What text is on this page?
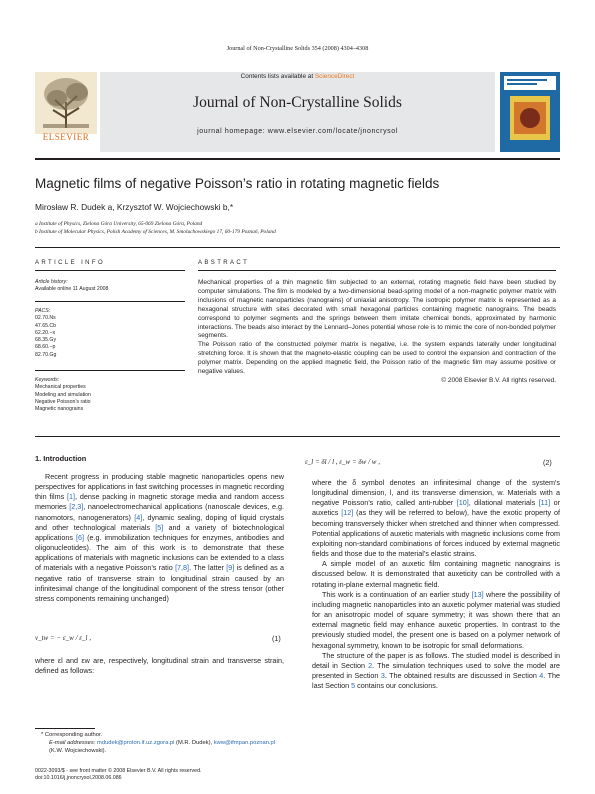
Journal of Non-Crystalline Solids 354 (2008) 4304–4308
ELSEVIER
Contents lists available at ScienceDirect
Journal of Non-Crystalline Solids
journal homepage: www.elsevier.com/locate/jnoncrysol
Magnetic films of negative Poisson’s ratio in rotating magnetic fields
Mirosław R. Dudek a, Krzysztof W. Wojciechowski b,*
a Institute of Physics, Zielona Góra University, 65-069 Zielona Góra, Poland
b Institute of Molecular Physics, Polish Academy of Sciences, M. Smoluchowskiego 17, 60-179 Poznań, Poland
ARTICLE INFO	ABSTRACT
Article history:
Available online 11 August 2008
PACS:
02.70.Ns
47.65.Cb
62.20.−x
68.35.Gy
68.60.−p
82.70.Gg
Keywords:
Mechanical properties
Modeling and simulation
Negative Poisson’s ratio
Magnetic nanograins
Mechanical properties of a thin magnetic film subjected to an external, rotating magnetic field have been studied by computer simulations. The film is modeled by a two-dimensional bead-spring model of a non-magnetic polymer matrix with inclusions of magnetic nanoparticles (nanograins) of uniaxial anisotropy. The isotropic polymer matrix is represented as a hexagonal structure with sites decorated with small hexagonal particles containing magnetic nanograins. The beads correspond to polymer segments and the springs between them imitate chemical bonds, approximated by harmonic interactions. The beads also interact by the Lennard–Jones potential whose role is to mimic the core of non-bonded polymer segments.
The Poisson ratio of the constructed polymer matrix is negative, i.e. the system expands laterally under longitudinal stretching force. It is shown that the magneto-elastic coupling can be used to control the expansion and contraction of the polymer matrix. Depending on the applied magnetic field, the Poisson ratio of the magnetic film may assume positive or negative values.
© 2008 Elsevier B.V. All rights reserved.
1. Introduction

Recent progress in producing stable magnetic nanoparticles opens new perspectives for applications in fast switching processes in magnetic recording thin films [1], dense packing in magnetic storage media and random access memories [2,3], nanoelectromechanical applications (nanoscale devices, e.g. nanomotors, nanogenerators) [4], dynamic sealing, doping of liquid crystals and other technological materials [5] and a variety of biotechnological applications [6] (e.g. immobilization techniques for enzymes, antibodies and oligonucleotides). The aim of this work is to demonstrate that these applications of materials with magnetic inclusions can be extended to a class of materials with a negative Poisson’s ratio [7,8]. The latter [9] is defined as a negative ratio of transverse strain to longitudinal strain caused by an infinitesimal change of the longitudinal component of the stress tensor (other stress components remaining unchanged)

ν_tw = − ε_w / ε_l ,	(1)
where εl and εw are, respectively, longitudinal strain and transverse strain, defined as follows:
* Corresponding author.
E-mail addresses: mdudek@proton.if.uz.zgora.pl (M.R. Dudek), kww@ifmpan.poznan.pl (K.W. Wojciechowski).
0022-3093/$ - see front matter © 2008 Elsevier B.V. All rights reserved.
doi:10.1016/j.jnoncrysol.2008.06.086
ε_l = δl / l , ε_w = δw / w ,	(2)

where the δ symbol denotes an infinitesimal change of the system’s longitudinal dimension, l, and its transverse dimension, w. Materials with a negative Poisson’s ratio, called anti-rubber [10], dilational materials [11] or auxetics [12] (as they will be referred to below), have the exotic property of becoming transversely thicker when stretched and thinner when compressed. Potential applications of auxetic materials with magnetic inclusions come from exploiting non-standard combinations of forces induced by external magnetic fields and those due to the material’s elastic strains.

A simple model of an auxetic film containing magnetic nanograins is discussed below. It is demonstrated that auxeticity can be controlled with a rotating in-plane external magnetic field.

This work is a continuation of an earlier study [13] where the possibility of including magnetic nanoparticles into an auxetic polymer material was studied for an anisotropic model of square symmetry; it was shown there that an external magnetic field may enhance auxetic properties. In contrast to the previously studied model, the present one is based on a polymer network of hexagonal symmetry, known to be isotropic for small deformations.

The structure of the paper is as follows. The studied model is described in detail in Section 2. The simulation techniques used to solve the model are presented in Section 3. The obtained results are discussed in Section 4. The last Section 5 contains our conclusions.
